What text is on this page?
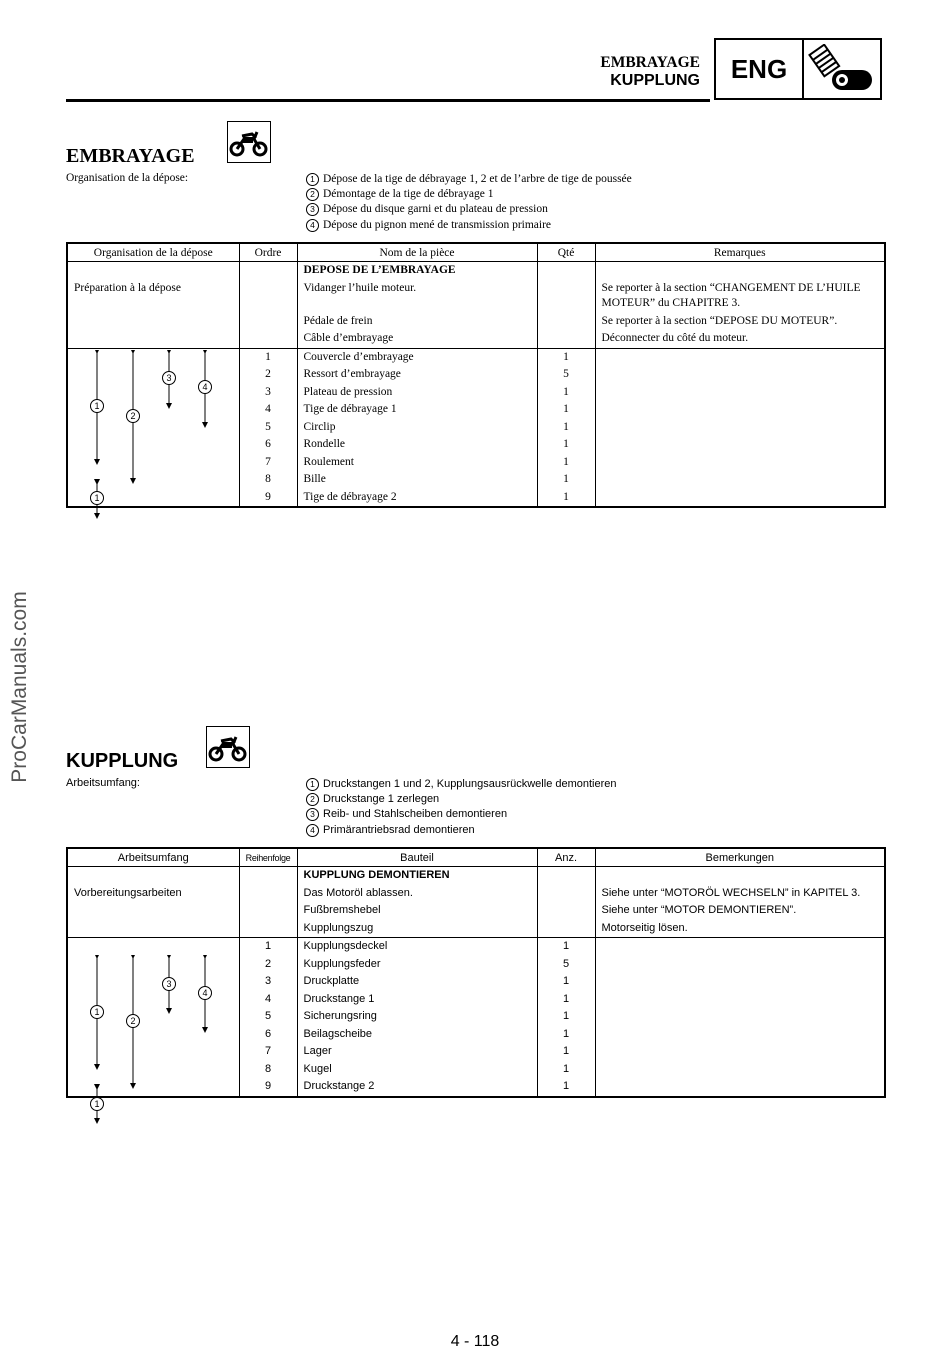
EMBRAYAGE
KUPPLUNG	ENG
ProCarManuals.com
EMBRAYAGE
Organisation de la dépose:	1 Dépose de la tige de débrayage 1, 2 et de l’arbre de tige de poussée
2 Démontage de la tige de débrayage 1
3 Dépose du disque garni et du plateau de pression
4 Dépose du pignon mené de transmission primaire
Organisation de la dépose	Ordre	Nom de la pièce	Qté	Remarques
		DEPOSE DE L’EMBRAYAGE		
Préparation à la dépose		Vidanger l’huile moteur.		Se reporter à la section “CHANGEMENT DE L’HUILE MOTEUR” du CHAPITRE 3.
		Pédale de frein		Se reporter à la section “DEPOSE DU MOTEUR”.
		Câble d’embrayage		Déconnecter du côté du moteur.
	1	Couvercle d’embrayage	1	
	2	Ressort d’embrayage	5	
	3	Plateau de pression	1	
	4	Tige de débrayage 1	1	
	5	Circlip	1	
	6	Rondelle	1	
	7	Roulement	1	
	8	Bille	1	
	9	Tige de débrayage 2	1	
1
2
3
4
1
KUPPLUNG
Arbeitsumfang:	1 Druckstangen 1 und 2, Kupplungsausrückwelle demontieren
2 Druckstange 1 zerlegen
3 Reib- und Stahlscheiben demontieren
4 Primärantriebsrad demontieren
Arbeitsumfang	Reihenfolge	Bauteil	Anz.	Bemerkungen
		KUPPLUNG DEMONTIEREN		
Vorbereitungsarbeiten		Das Motoröl ablassen.		Siehe unter “MOTORÖL WECHSELN” in KAPITEL 3.
		Fußbremshebel		Siehe unter “MOTOR DEMONTIEREN”.
		Kupplungszug		Motorseitig lösen.
	1	Kupplungsdeckel	1	
	2	Kupplungsfeder	5	
	3	Druckplatte	1	
	4	Druckstange 1	1	
	5	Sicherungsring	1	
	6	Beilagscheibe	1	
	7	Lager	1	
	8	Kugel	1	
	9	Druckstange 2	1	
1
2
3
4
1
4 - 118
